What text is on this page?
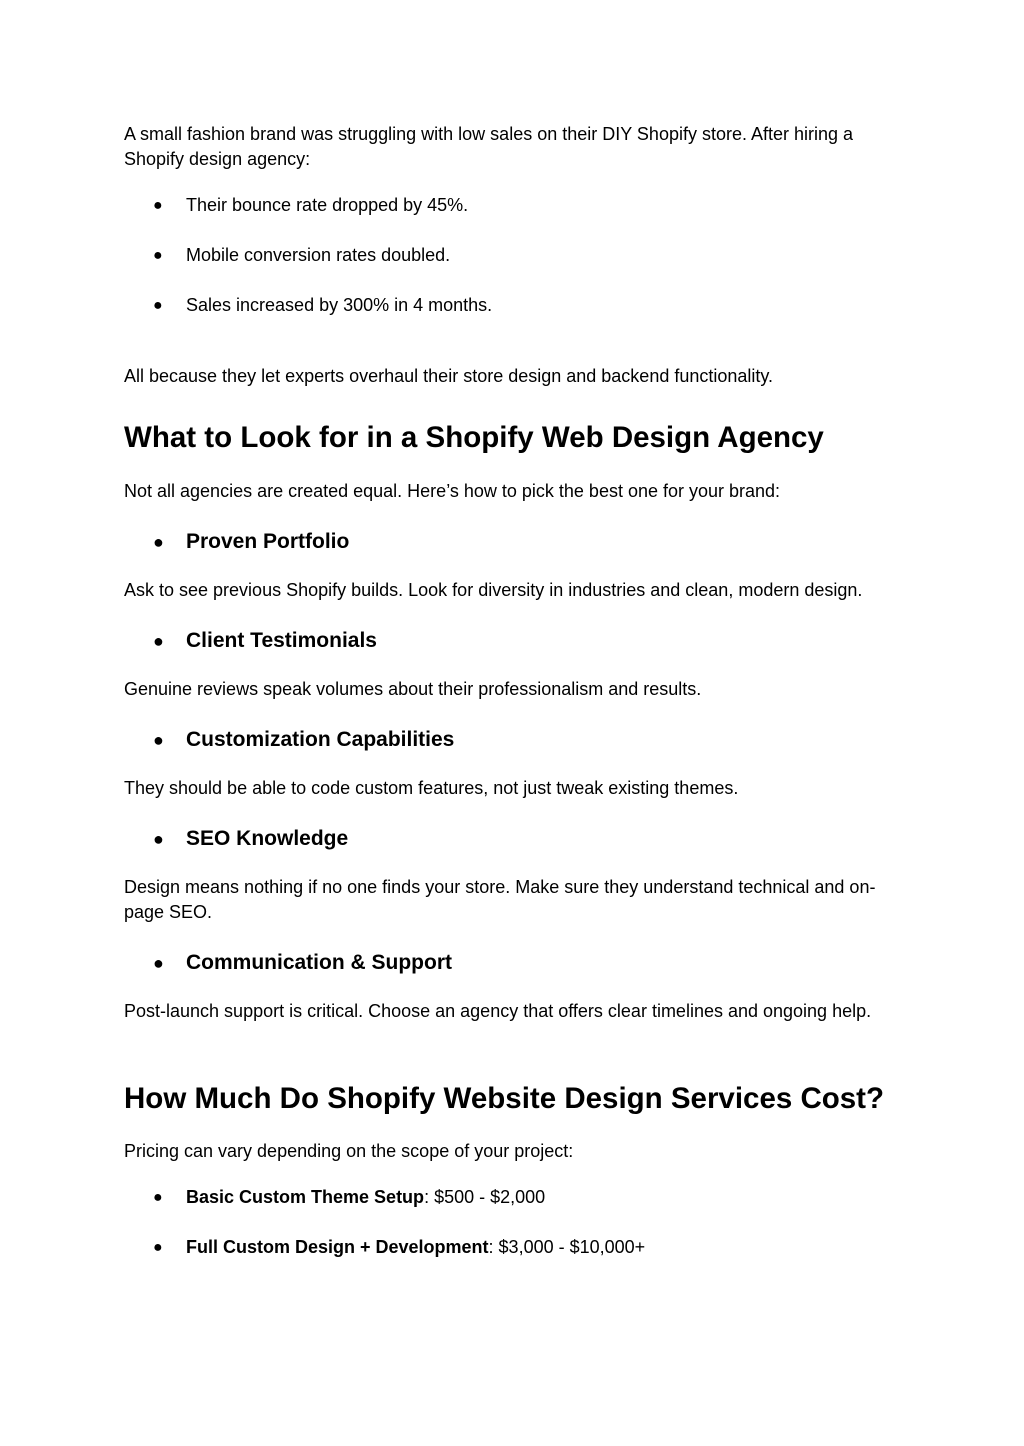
A small fashion brand was struggling with low sales on their DIY Shopify store. After hiring a Shopify design agency:

● Their bounce rate dropped by 45%.
● Mobile conversion rates doubled.
● Sales increased by 300% in 4 months.

All because they let experts overhaul their store design and backend functionality.

What to Look for in a Shopify Web Design Agency

Not all agencies are created equal. Here’s how to pick the best one for your brand:

● Proven Portfolio

Ask to see previous Shopify builds. Look for diversity in industries and clean, modern design.

● Client Testimonials

Genuine reviews speak volumes about their professionalism and results.

● Customization Capabilities

They should be able to code custom features, not just tweak existing themes.

● SEO Knowledge

Design means nothing if no one finds your store. Make sure they understand technical and on-page SEO.

● Communication & Support

Post-launch support is critical. Choose an agency that offers clear timelines and ongoing help.

How Much Do Shopify Website Design Services Cost?

Pricing can vary depending on the scope of your project:

● Basic Custom Theme Setup: $500 - $2,000
● Full Custom Design + Development: $3,000 - $10,000+
